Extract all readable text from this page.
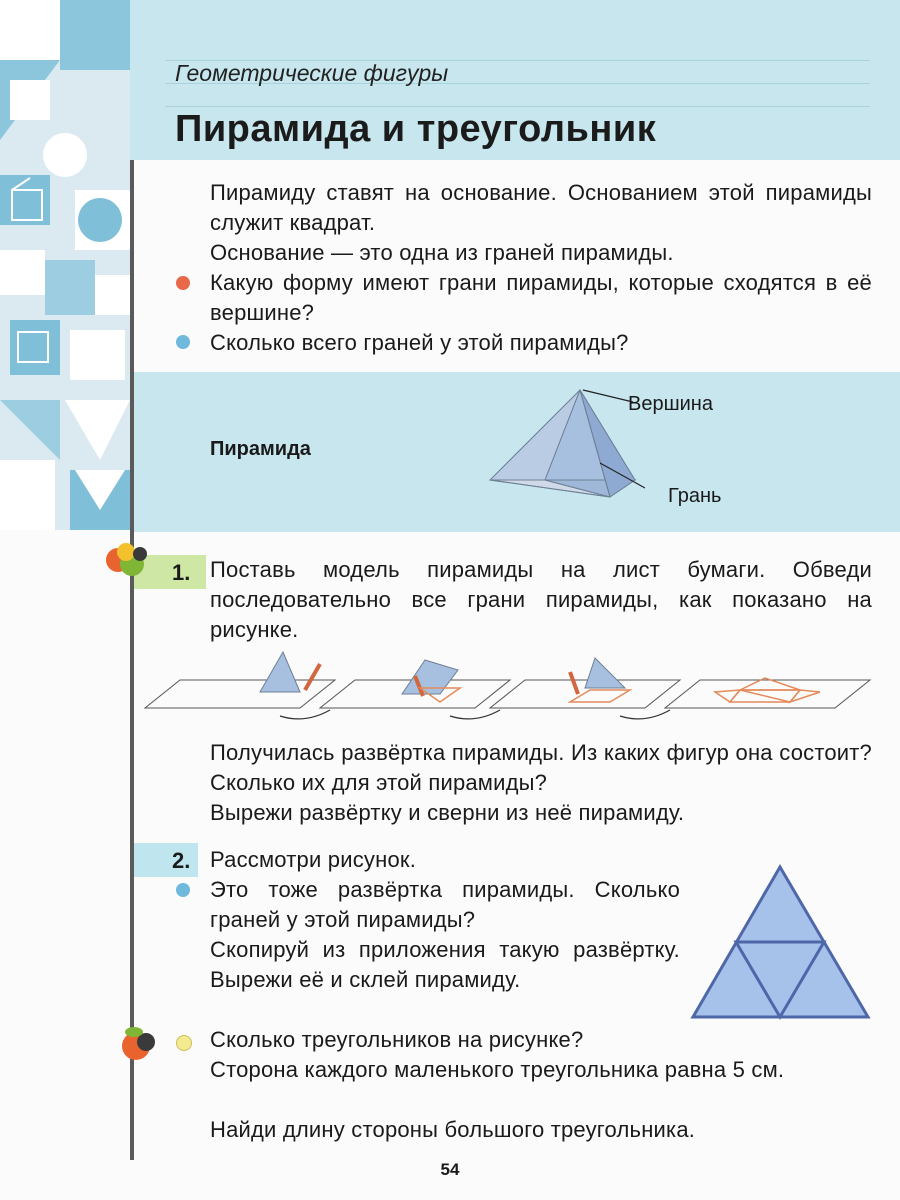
Геометрические фигуры
Пирамида и треугольник
Пирамиду ставят на основание. Основанием этой пирамиды служит квадрат.
Основание — это одна из граней пирамиды.
Какую форму имеют грани пирамиды, которые сходятся в её вершине?
Сколько всего граней у этой пирамиды?
Пирамида
Вершина
Грань
1. Поставь модель пирамиды на лист бумаги. Обведи последовательно все грани пирамиды, как показано на рисунке.
Получилась развёртка пирамиды. Из каких фигур она состоит? Сколько их для этой пирамиды?
Вырежи развёртку и сверни из неё пирамиду.
2. Рассмотри рисунок.
Это тоже развёртка пирамиды. Сколько граней у этой пирамиды?
Скопируй из приложения такую развёртку. Вырежи её и склей пирамиду.
Сколько треугольников на рисунке?
Сторона каждого маленького треугольника равна 5 см.
Найди длину стороны большого треугольника.
54
